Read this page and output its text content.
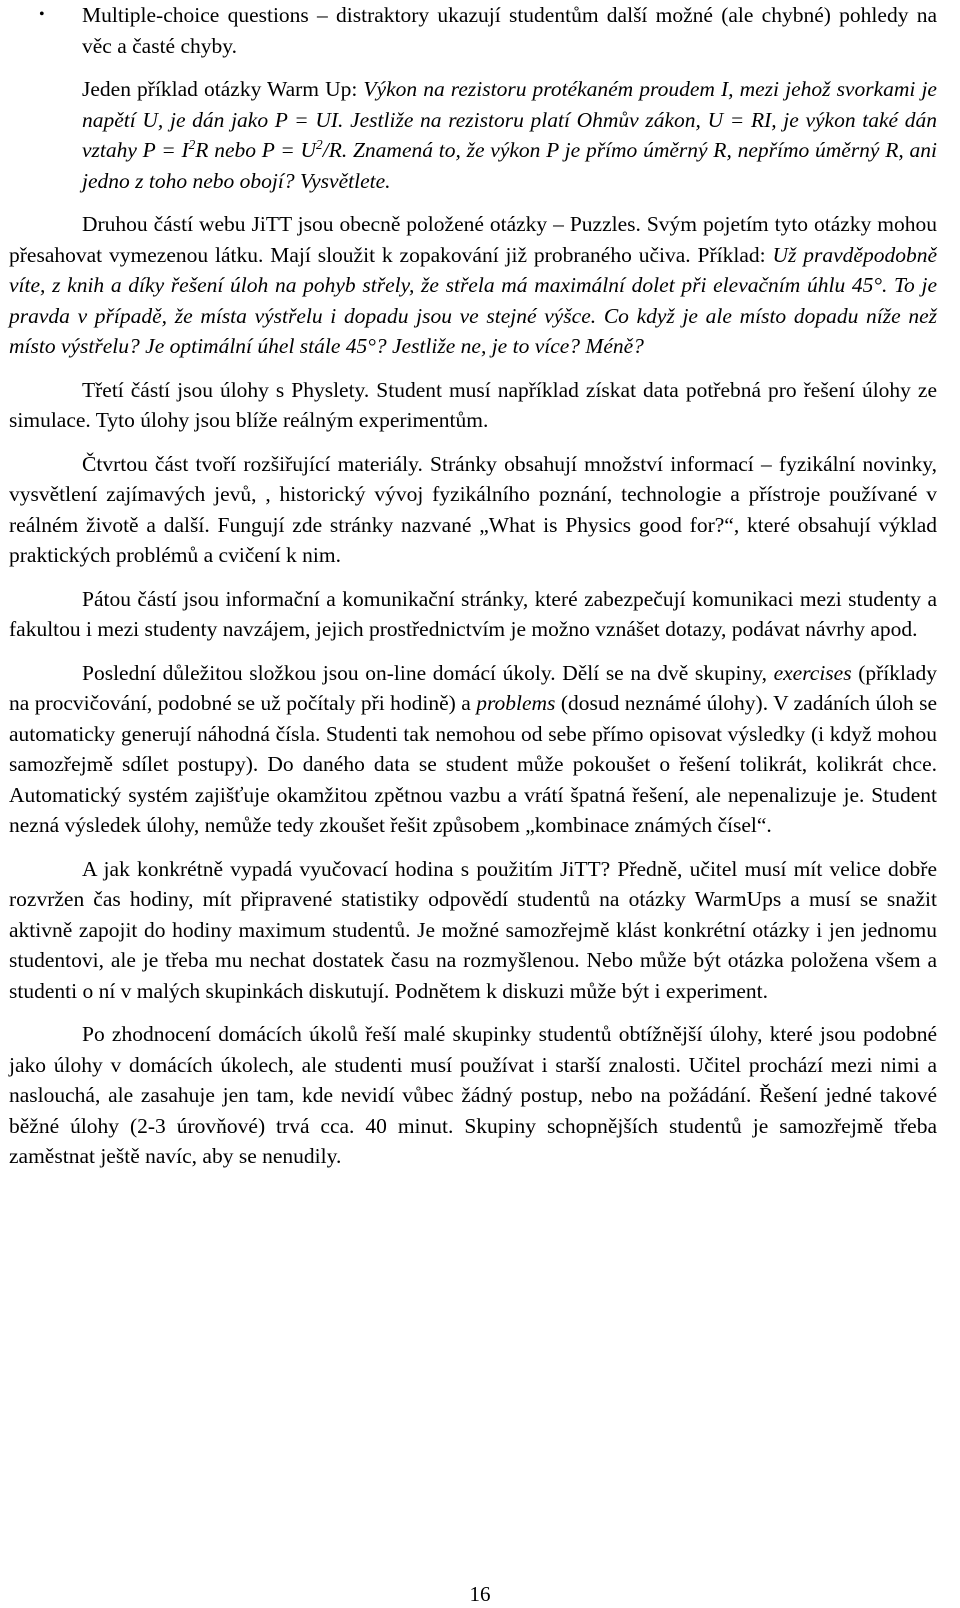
• Multiple-choice questions – distraktory ukazují studentům další možné (ale chybné) pohledy na věc a časté chyby.

Jeden příklad otázky Warm Up: Výkon na rezistoru protékaném proudem I, mezi jehož svorkami je napětí U, je dán jako P = UI. Jestliže na rezistoru platí Ohmův zákon, U = RI, je výkon také dán vztahy $P = I^2R$ nebo $P = U^2/R$. Znamená to, že výkon P je přímo úměrný R, nepřímo úměrný R, ani jedno z toho nebo obojí? Vysvětlete.

Druhou částí webu JiTT jsou obecně položené otázky – Puzzles. Svým pojetím tyto otázky mohou přesahovat vymezenou látku. Mají sloužit k zopakování již probraného učiva. Příklad: Už pravděpodobně víte, z knih a díky řešení úloh na pohyb střely, že střela má maximální dolet při elevačním úhlu 45°. To je pravda v případě, že místa výstřelu i dopadu jsou ve stejné výšce. Co když je ale místo dopadu níže než místo výstřelu? Je optimální úhel stále 45°? Jestliže ne, je to více? Méně?

Třetí částí jsou úlohy s Physlety. Student musí například získat data potřebná pro řešení úlohy ze simulace. Tyto úlohy jsou blíže reálným experimentům.

Čtvrtou část tvoří rozšiřující materiály. Stránky obsahují množství informací – fyzikální novinky, vysvětlení zajímavých jevů, , historický vývoj fyzikálního poznání, technologie a přístroje používané v reálném životě a další. Fungují zde stránky nazvané „What is Physics good for?“, které obsahují výklad praktických problémů a cvičení k nim.

Pátou částí jsou informační a komunikační stránky, které zabezpečují komunikaci mezi studenty a fakultou i mezi studenty navzájem, jejich prostřednictvím je možno vznášet dotazy, podávat návrhy apod.

Poslední důležitou složkou jsou on-line domácí úkoly. Dělí se na dvě skupiny, exercises (příklady na procvičování, podobné se už počítaly při hodině) a problems (dosud neznámé úlohy). V zadáních úloh se automaticky generují náhodná čísla. Studenti tak nemohou od sebe přímo opisovat výsledky (i když mohou samozřejmě sdílet postupy). Do daného data se student může pokoušet o řešení tolikrát, kolikrát chce. Automatický systém zajišťuje okamžitou zpětnou vazbu a vrátí špatná řešení, ale nepenalizuje je. Student nezná výsledek úlohy, nemůže tedy zkoušet řešit způsobem „kombinace známých čísel“.

A jak konkrétně vypadá vyučovací hodina s použitím JiTT? Předně, učitel musí mít velice dobře rozvržen čas hodiny, mít připravené statistiky odpovědí studentů na otázky WarmUps a musí se snažit aktivně zapojit do hodiny maximum studentů. Je možné samozřejmě klást konkrétní otázky i jen jednomu studentovi, ale je třeba mu nechat dostatek času na rozmyšlenou. Nebo může být otázka položena všem a studenti o ní v malých skupinkách diskutují. Podnětem k diskuzi může být i experiment.

Po zhodnocení domácích úkolů řeší malé skupinky studentů obtížnější úlohy, které jsou podobné jako úlohy v domácích úkolech, ale studenti musí používat i starší znalosti. Učitel prochází mezi nimi a naslouchá, ale zasahuje jen tam, kde nevidí vůbec žádný postup, nebo na požádání. Řešení jedné takové běžné úlohy (2-3 úrovňové) trvá cca. 40 minut. Skupiny schopnějších studentů je samozřejmě třeba zaměstnat ještě navíc, aby se nenudily.

16
